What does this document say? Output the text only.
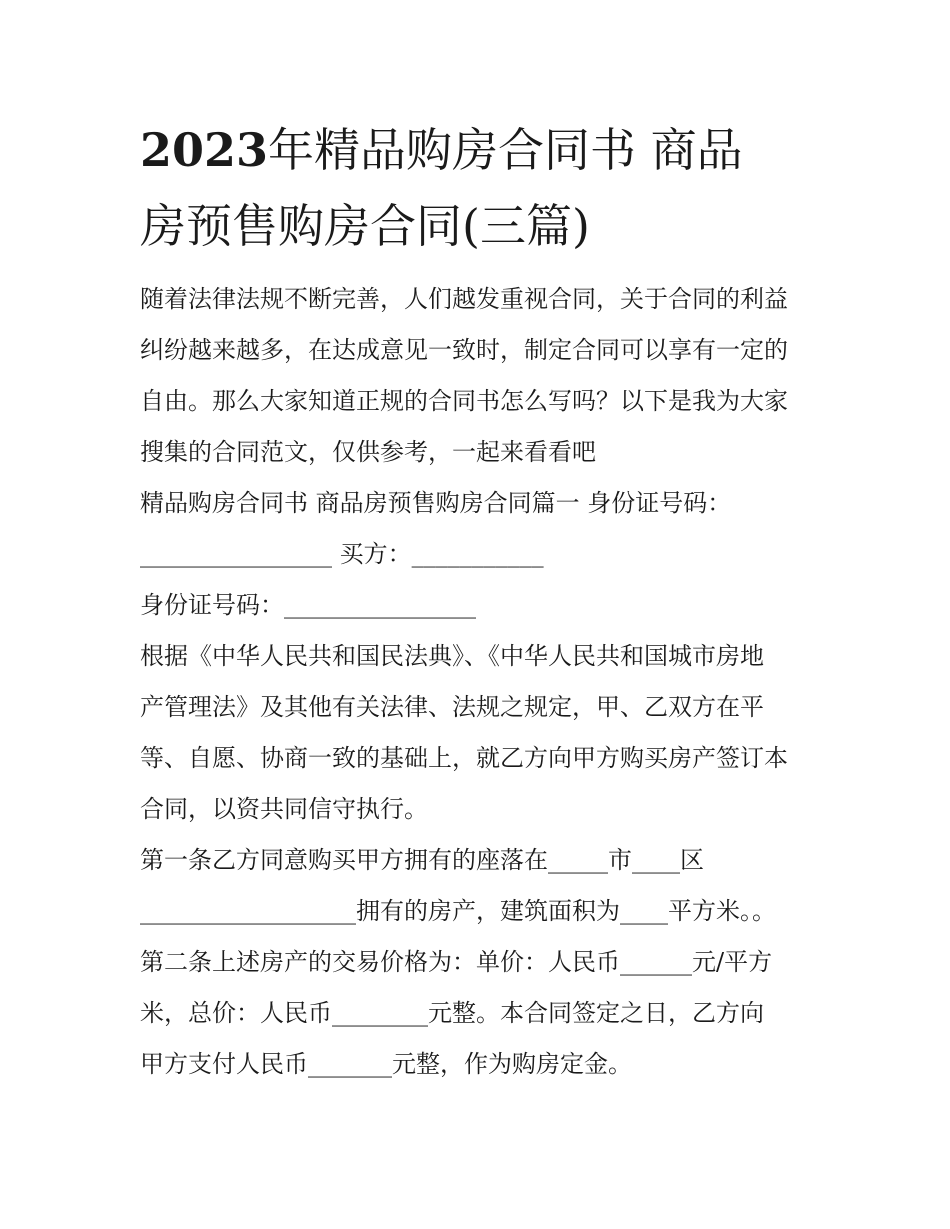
2023年精品购房合同书 商品
房预售购房合同(三篇)

随着法律法规不断完善，人们越发重视合同，关于合同的利益
纠纷越来越多，在达成意见一致时，制定合同可以享有一定的
自由。那么大家知道正规的合同书怎么写吗？以下是我为大家
搜集的合同范文，仅供参考，一起来看看吧

精品购房合同书 商品房预售购房合同篇一 身份证号码：

________________ 买方：___________

身份证号码：________________

根据《中华人民共和国民法典》、《中华人民共和国城市房地
产管理法》及其他有关法律、法规之规定，甲、乙双方在平
等、自愿、协商一致的基础上，就乙方向甲方购买房产签订本
合同，以资共同信守执行。

第一条乙方同意购买甲方拥有的座落在_____市____区
__________________拥有的房产，建筑面积为____平方米。。

第二条上述房产的交易价格为：单价：人民币______元/平方
米，总价：人民币________元整。本合同签定之日，乙方向
甲方支付人民币_______元整，作为购房定金。
